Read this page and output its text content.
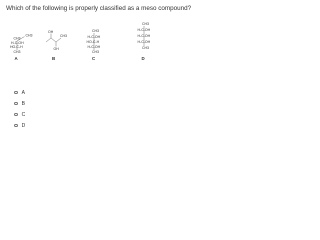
Which of the following is properly classified as a meso compound?
CH3
CH3
H-C-OH
HO-C-H
CH3
A
OH
CH3
OH
B
CH3
H-C-OH
HO-C-H
H-C-OH
CH3
C
CH3
H-C-OH
H-C-OH
H-C-OH
CH3
D
A
B
C
D
